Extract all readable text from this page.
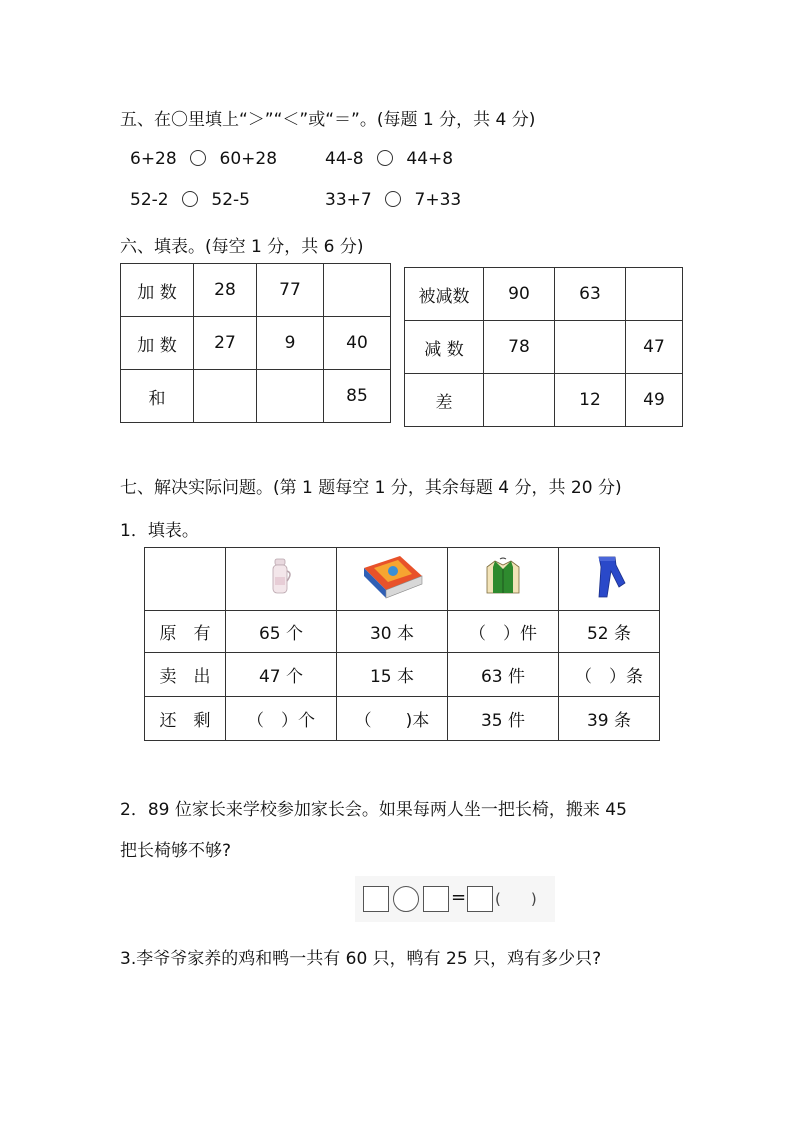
五、在〇里填上“＞”“＜”或“＝”。(每题 1 分，共 4 分)
6+28	60+28	44-8	44+8
52-2	52-5	33+7	7+33
六、填表。(每空 1 分，共 6 分)
加 数	28	77	
加 数	27	9	40
和			85
被减数	90	63	
减 数	78		47
差		12	49
七、解决实际问题。(第 1 题每空 1 分，其余每题 4 分，共 20 分)
1．填表。

原　有	65 个	30 本	（　）件	52 条
卖　出	47 个	15 本	63 件	（　）条
还　剩	（　）个	（　　)本	35 件	39 条
2．89 位家长来学校参加家长会。如果每两人坐一把长椅，搬来 45
把长椅够不够?
= (　　)
3.李爷爷家养的鸡和鸭一共有 60 只，鸭有 25 只，鸡有多少只?
